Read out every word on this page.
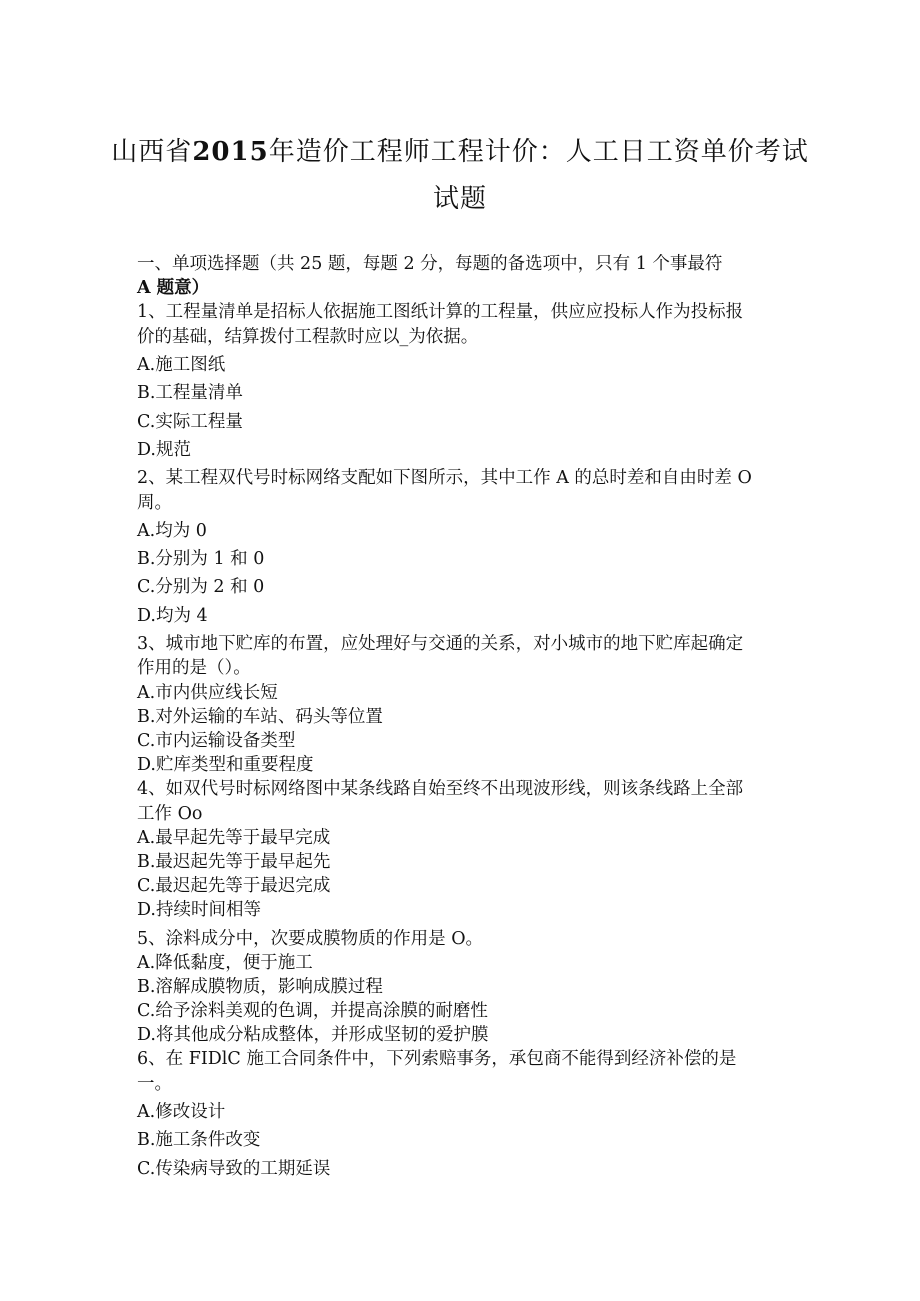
山西省2015年造价工程师工程计价：人工日工资单价考试
试题
一、单项选择题（共 25 题，每题 2 分，每题的备选项中，只有 1 个事最符
A 题意）
1、工程量清单是招标人依据施工图纸计算的工程量，供应应投标人作为投标报
价的基础，结算拨付工程款时应以_为依据。
A.施工图纸
B.工程量清单
C.实际工程量
D.规范
2、某工程双代号时标网络支配如下图所示，其中工作 A 的总时差和自由时差 O
周。
A.均为 0
B.分别为 1 和 0
C.分别为 2 和 0
D.均为 4
3、城市地下贮库的布置，应处理好与交通的关系，对小城市的地下贮库起确定
作用的是（）。
A.市内供应线长短
B.对外运输的车站、码头等位置
C.市内运输设备类型
D.贮库类型和重要程度
4、如双代号时标网络图中某条线路自始至终不出现波形线，则该条线路上全部
工作 Oo
A.最早起先等于最早完成
B.最迟起先等于最早起先
C.最迟起先等于最迟完成
D.持续时间相等
5、涂料成分中，次要成膜物质的作用是 O。
A.降低黏度，便于施工
B.溶解成膜物质，影响成膜过程
C.给予涂料美观的色调，并提高涂膜的耐磨性
D.将其他成分粘成整体，并形成坚韧的爱护膜
6、在 FIDlC 施工合同条件中，下列索赔事务，承包商不能得到经济补偿的是
一。
A.修改设计
B.施工条件改变
C.传染病导致的工期延误
